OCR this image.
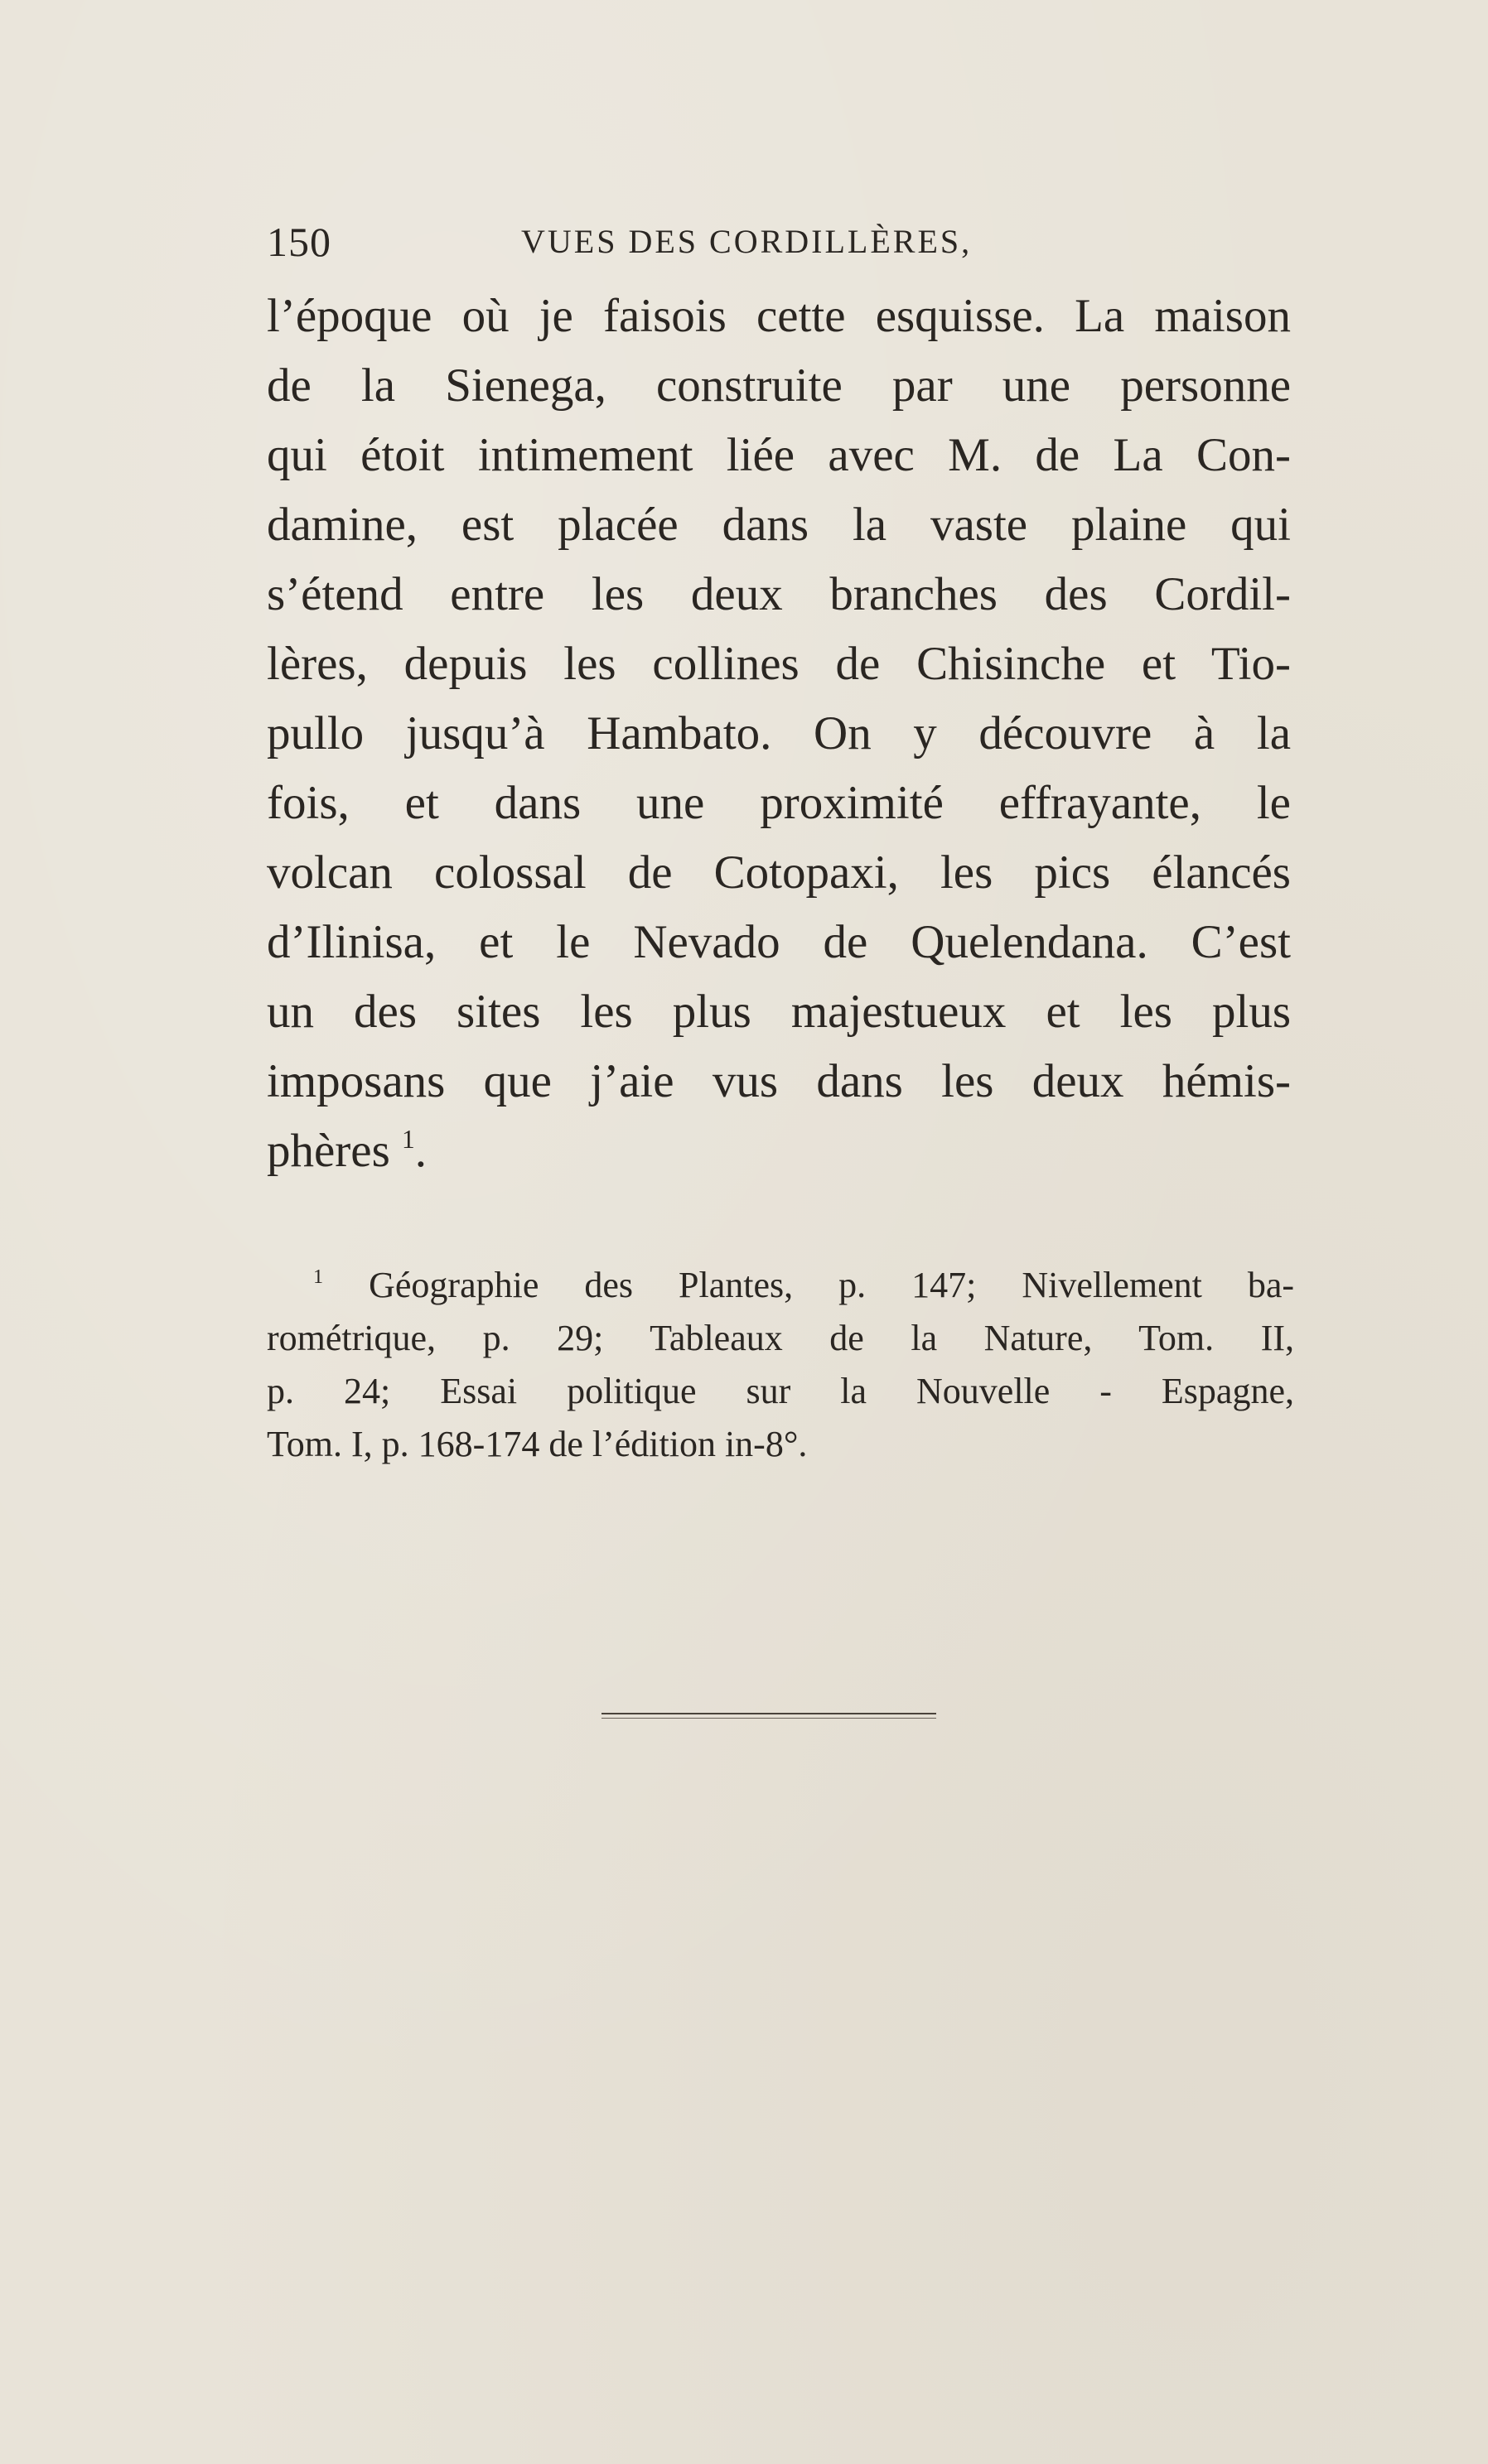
150	VUES DES CORDILLÈRES,
l’époque où je faisois cette esquisse. La maison
de la Sienega, construite par une personne
qui étoit intimement liée avec M. de La Con-
damine, est placée dans la vaste plaine qui
s’étend entre les deux branches des Cordil-
lères, depuis les collines de Chisinche et Tio-
pullo jusqu’à Hambato. On y découvre à la
fois, et dans une proximité effrayante, le
volcan colossal de Cotopaxi, les pics élancés
d’Ilinisa, et le Nevado de Quelendana. C’est
un des sites les plus majestueux et les plus
imposans que j’aie vus dans les deux hémis-
phères $^1$.
$^1$ Géographie des Plantes, p. 147; Nivellement ba-
rométrique, p. 29; Tableaux de la Nature, Tom. II,
p. 24; Essai politique sur la Nouvelle - Espagne,
Tom. I, p. 168-174 de l’édition in-8°.
